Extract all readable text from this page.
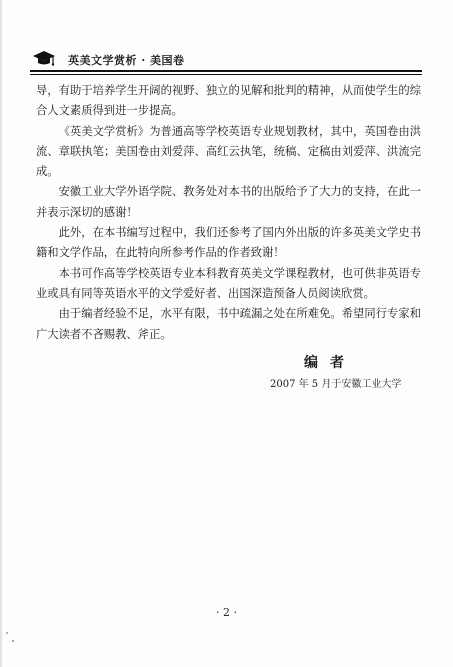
英美文学赏析 · 美国卷

导，有助于培养学生开阔的视野、独立的见解和批判的精神，从而使学生的综合人文素质得到进一步提高。

《英美文学赏析》为普通高等学校英语专业规划教材，其中，英国卷由洪流、章联执笔；美国卷由刘爱萍、高红云执笔，统稿、定稿由刘爱萍、洪流完成。

安徽工业大学外语学院、教务处对本书的出版给予了大力的支持，在此一并表示深切的感谢！

此外，在本书编写过程中，我们还参考了国内外出版的许多英美文学史书籍和文学作品，在此特向所参考作品的作者致谢！

本书可作高等学校英语专业本科教育英美文学课程教材，也可供非英语专业或具有同等英语水平的文学爱好者、出国深造预备人员阅读欣赏。

由于编者经验不足，水平有限，书中疏漏之处在所难免。希望同行专家和广大读者不吝赐教、斧正。

编者
2007 年 5 月于安徽工业大学
· 2 ·
